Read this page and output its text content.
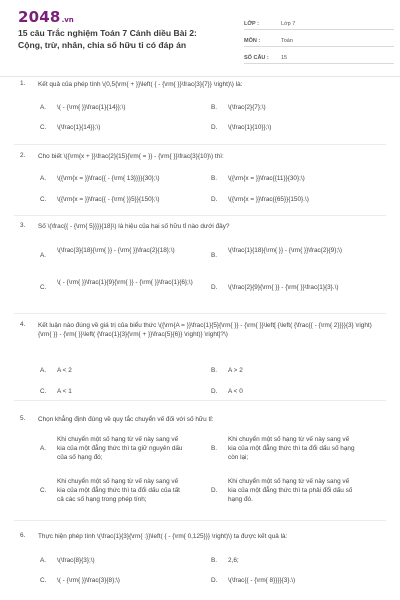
2048 .vn
15 câu Trắc nghiệm Toán 7 Cánh diều Bài 2: Cộng, trừ, nhân, chia số hữu tỉ có đáp án
LỚP :	Lớp 7
MÔN :	Toán
SỐ CÂU :	15
1. Kết quả của phép tính \(0,5{\rm{ + }}\left( { - {\rm{ }}\frac{3}{7}} \right)\) là:
A.	\( - {\rm{ }}\frac{1}{14}};\)	B.	\(\frac{2}{7};\)
C.	\(\frac{1}{14}};\)	D.	\(\frac{1}{10}};\)
2. Cho biết \({\rm{x + }}\frac{2}{15}{\rm{ = }} - {\rm{ }}\frac{3}{10}\) thì:
A.	\({\rm{x = }}\frac{{ - {\rm{ 13}}}}{30};\)	B.	\({\rm{x = }}\frac{{11}}{30};\)
C.	\({\rm{x = }}\frac{{ - {\rm{ }}5}}{150};\)	D.	\({\rm{x = }}\frac{{65}}{150}.\)
3. Số \(\frac{{ - {\rm{ 5}}}}{18}\) là hiệu của hai số hữu tỉ nào dưới đây?
A.
\(\frac{3}{18}{\rm{ }} - {\rm{ }}\frac{2}{18};\)
B.
\(\frac{1}{18}{\rm{ }} - {\rm{ }}\frac{2}{9};\)
C.
\( - {\rm{ }}\frac{1}{9}{\rm{ }} - {\rm{ }}\frac{1}{6};\)
D.	\(\frac{2}{9}{\rm{ }} - {\rm{ }}\frac{1}{3}.\)
4. Kết luận nào đúng về giá trị của biểu thức \({\rm{A = }}\frac{1}{5}{\rm{ }} - {\rm{ }}\left[ {\left( {\frac{{ - {\rm{ 2}}}}{3} \right){\rm{ }} - {\rm{ }}\left( {\frac{1}{3}{\rm{ + }}\frac{5}{6}} \right)} \right]?\)
A.	A < 2	B.	A > 2
C.	A < 1	D.	A < 0
5. Chọn khẳng định đúng về quy tắc chuyển vế đối với số hữu tỉ:
A.
Khi chuyển một số hạng từ vế này sang vế kia của một đẳng thức thì ta giữ nguyên dấu của số hạng đó;
B.
Khi chuyển một số hạng từ vế này sang vế kia của một đẳng thức thì ta đổi dấu số hạng còn lại;
C.
Khi chuyển một số hạng từ vế này sang vế kia của một đẳng thức thì ta đổi dấu của tất cả các số hạng trong phép tính;
D.
Khi chuyển một số hạng từ vế này sang vế kia của một đẳng thức thì ta phải đổi dấu số hạng đó.
6. Thực hiện phép tính \(\frac{1}{3}{\rm{ :}}\left( { - {\rm{ 0,125}}} \right)\) ta được kết quả là:
A.	\(\frac{8}{3};\)	B.	2,6;
C.	\( - {\rm{ }}\frac{3}{8};\)	D.	\(\frac{{ - {\rm{ 8}}}}{3}.\)
